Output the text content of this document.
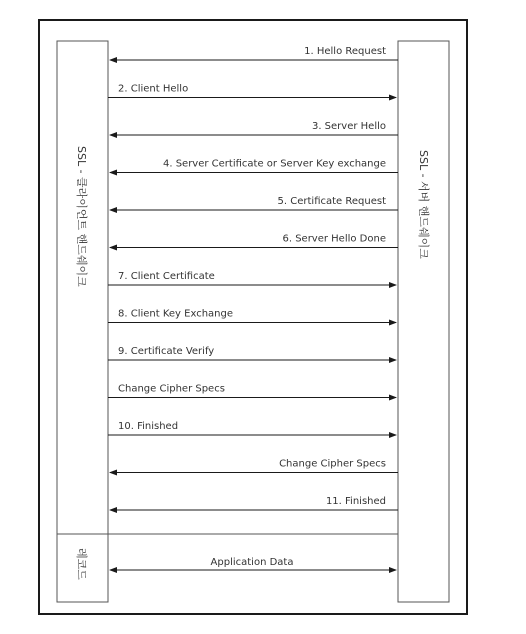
SSL - 클라이언트 핸드쉐이크
레코드
SSL - 서버 핸드쉐이크
1. Hello Request
2. Client Hello
3. Server Hello
4. Server Certificate or Server Key exchange
5. Certificate Request
6. Server Hello Done
7. Client Certificate
8. Client Key Exchange
9. Certificate Verify
Change Cipher Specs
10. Finished
Change Cipher Specs
11. Finished
Application Data
